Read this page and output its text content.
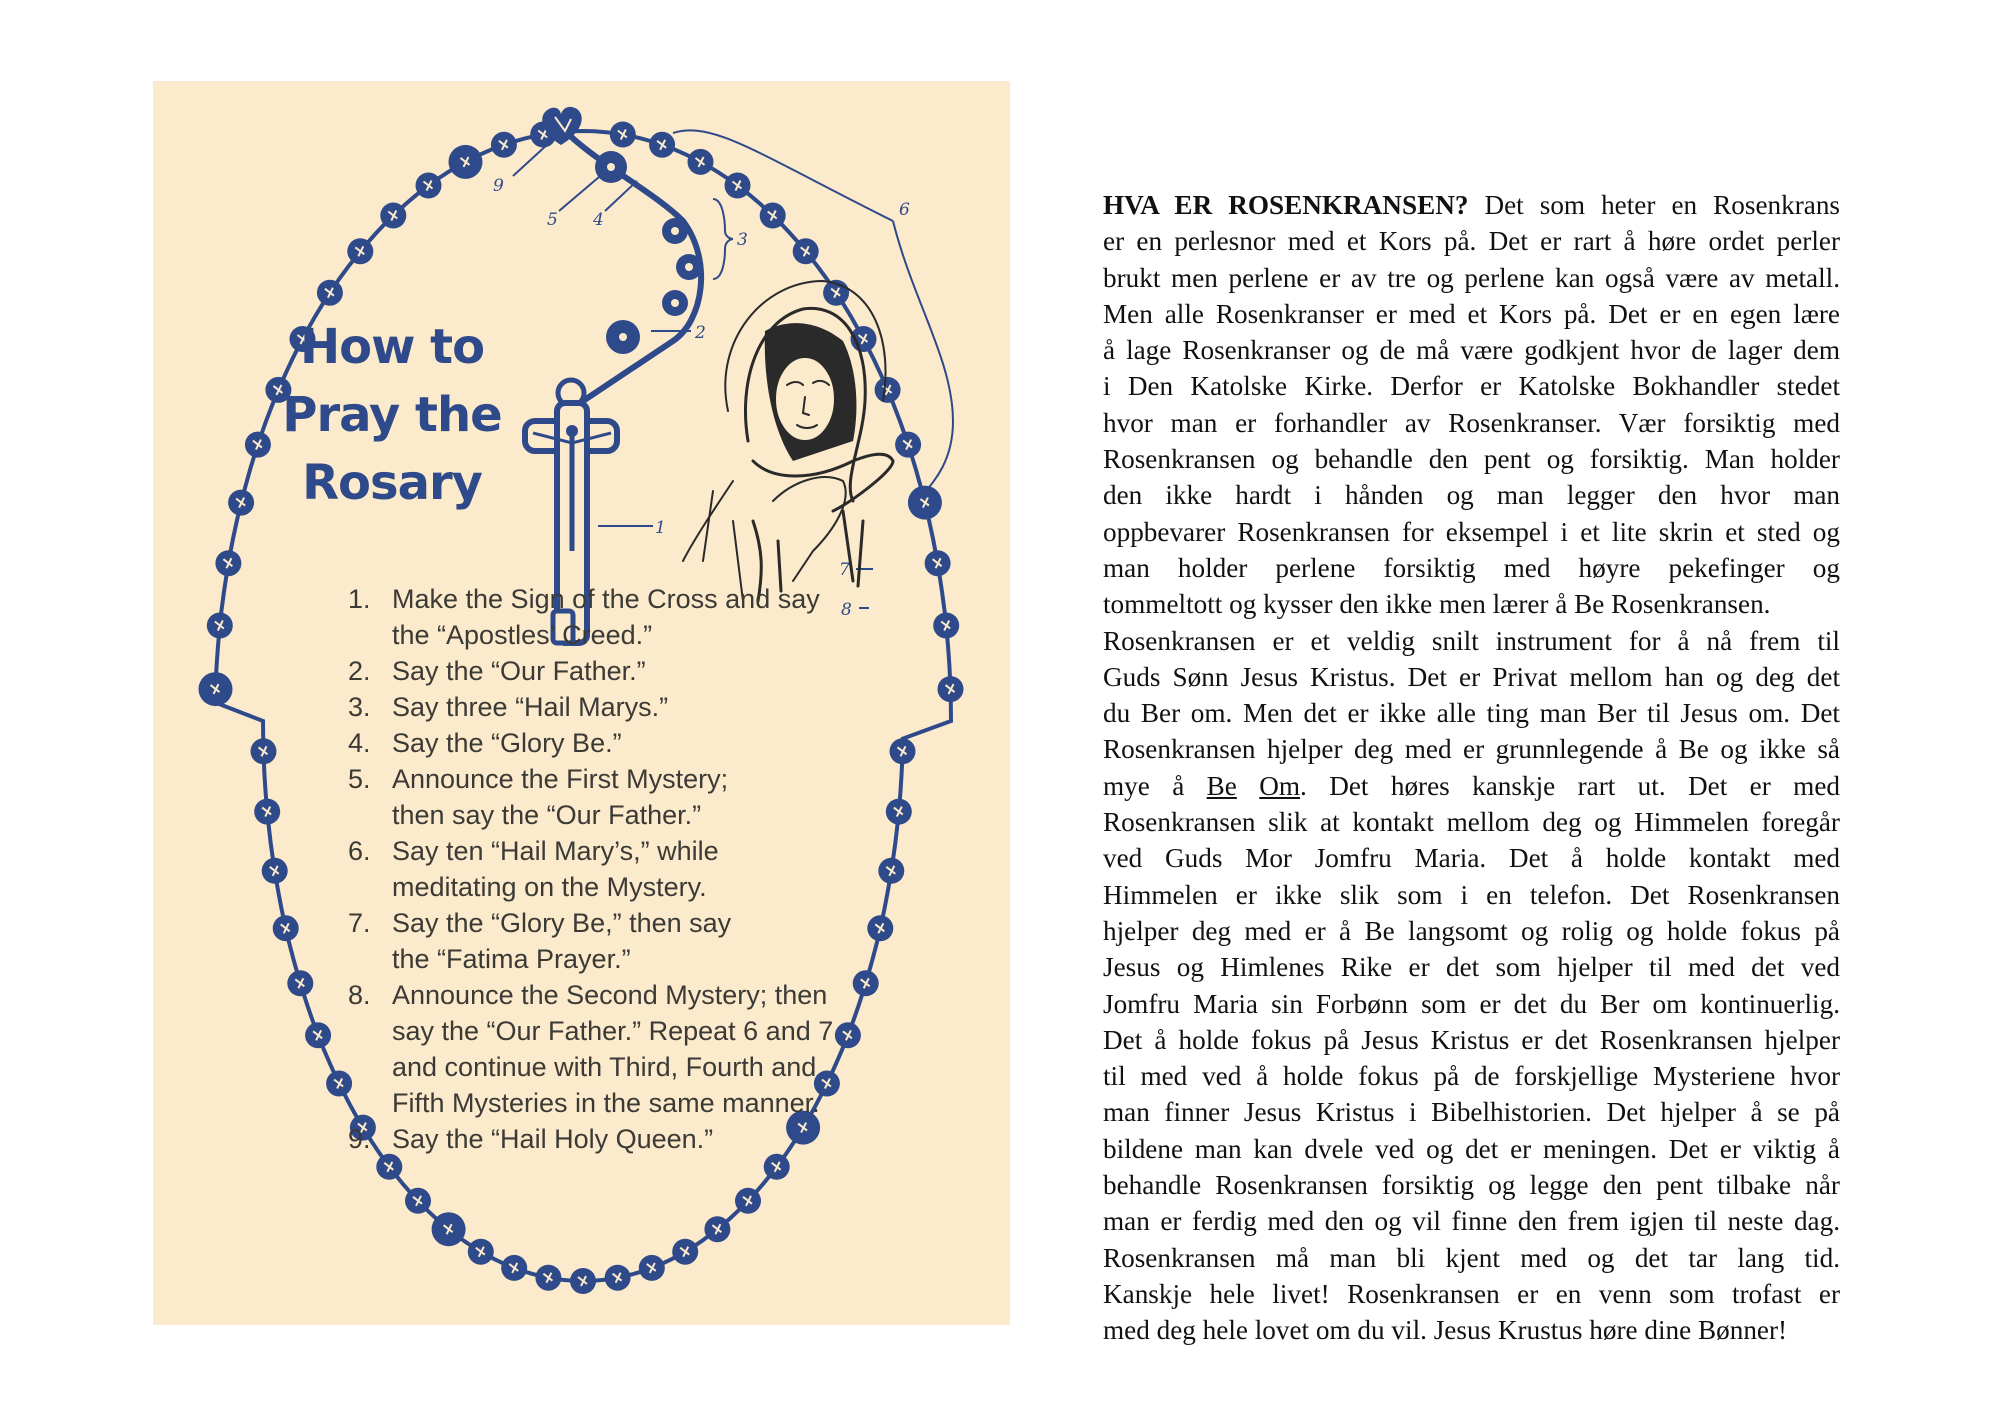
1
2
3
4
5	6
7
8
9
How to
Pray the
Rosary
1. Make the Sign of the Cross and say
the “Apostles’ Creed.”
2. Say the “Our Father.”
3. Say three “Hail Marys.”
4. Say the “Glory Be.”
5. Announce the First Mystery;
then say the “Our Father.”
6. Say ten “Hail Mary’s,” while
meditating on the Mystery.
7. Say the “Glory Be,” then say
the “Fatima Prayer.”
8. Announce the Second Mystery; then
say the “Our Father.” Repeat 6 and 7
and continue with Third, Fourth and
Fifth Mysteries in the same manner.
9. Say the “Hail Holy Queen.”
HVA ER ROSENKRANSEN? Det som heter en Rosenkrans
er en perlesnor med et Kors på. Det er rart å høre ordet perler
brukt men perlene er av tre og perlene kan også være av metall.
Men alle Rosenkranser er med et Kors på. Det er en egen lære
å lage Rosenkranser og de må være godkjent hvor de lager dem
i Den Katolske Kirke. Derfor er Katolske Bokhandler stedet
hvor man er forhandler av Rosenkranser. Vær forsiktig med
Rosenkransen og behandle den pent og forsiktig. Man holder
den ikke hardt i hånden og man legger den hvor man
oppbevarer Rosenkransen for eksempel i et lite skrin et sted og
man holder perlene forsiktig med høyre pekefinger og
tommeltott og kysser den ikke men lærer å Be Rosenkransen.
Rosenkransen er et veldig snilt instrument for å nå frem til
Guds Sønn Jesus Kristus. Det er Privat mellom han og deg det
du Ber om. Men det er ikke alle ting man Ber til Jesus om. Det
Rosenkransen hjelper deg med er grunnlegende å Be og ikke så
mye å Be Om. Det høres kanskje rart ut. Det er med
Rosenkransen slik at kontakt mellom deg og Himmelen foregår
ved Guds Mor Jomfru Maria. Det å holde kontakt med
Himmelen er ikke slik som i en telefon. Det Rosenkransen
hjelper deg med er å Be langsomt og rolig og holde fokus på
Jesus og Himlenes Rike er det som hjelper til med det ved
Jomfru Maria sin Forbønn som er det du Ber om kontinuerlig.
Det å holde fokus på Jesus Kristus er det Rosenkransen hjelper
til med ved å holde fokus på de forskjellige Mysteriene hvor
man finner Jesus Kristus i Bibelhistorien. Det hjelper å se på
bildene man kan dvele ved og det er meningen. Det er viktig å
behandle Rosenkransen forsiktig og legge den pent tilbake når
man er ferdig med den og vil finne den frem igjen til neste dag.
Rosenkransen må man bli kjent med og det tar lang tid.
Kanskje hele livet! Rosenkransen er en venn som trofast er
med deg hele lovet om du vil. Jesus Krustus høre dine Bønner!
